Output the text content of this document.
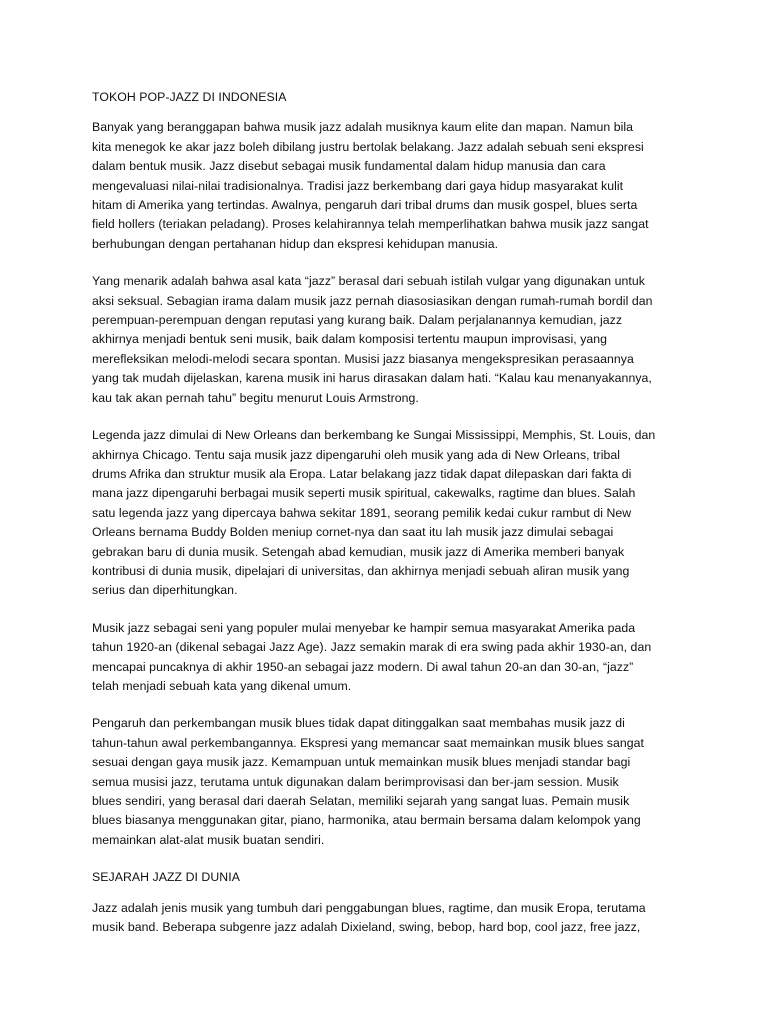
TOKOH POP-JAZZ DI INDONESIA
Banyak yang beranggapan bahwa musik jazz adalah musiknya kaum elite dan mapan. Namun bila
kita menegok ke akar jazz boleh dibilang justru bertolak belakang. Jazz adalah sebuah seni ekspresi
dalam bentuk musik. Jazz disebut sebagai musik fundamental dalam hidup manusia dan cara
mengevaluasi nilai-nilai tradisionalnya. Tradisi jazz berkembang dari gaya hidup masyarakat kulit
hitam di Amerika yang tertindas. Awalnya, pengaruh dari tribal drums dan musik gospel, blues serta
field hollers (teriakan peladang). Proses kelahirannya telah memperlihatkan bahwa musik jazz sangat
berhubungan dengan pertahanan hidup dan ekspresi kehidupan manusia.
Yang menarik adalah bahwa asal kata “jazz” berasal dari sebuah istilah vulgar yang digunakan untuk
aksi seksual. Sebagian irama dalam musik jazz pernah diasosiasikan dengan rumah-rumah bordil dan
perempuan-perempuan dengan reputasi yang kurang baik. Dalam perjalanannya kemudian, jazz
akhirnya menjadi bentuk seni musik, baik dalam komposisi tertentu maupun improvisasi, yang
merefleksikan melodi-melodi secara spontan. Musisi jazz biasanya mengekspresikan perasaannya
yang tak mudah dijelaskan, karena musik ini harus dirasakan dalam hati. “Kalau kau menanyakannya,
kau tak akan pernah tahu” begitu menurut Louis Armstrong.
Legenda jazz dimulai di New Orleans dan berkembang ke Sungai Mississippi, Memphis, St. Louis, dan
akhirnya Chicago. Tentu saja musik jazz dipengaruhi oleh musik yang ada di New Orleans, tribal
drums Afrika dan struktur musik ala Eropa. Latar belakang jazz tidak dapat dilepaskan dari fakta di
mana jazz dipengaruhi berbagai musik seperti musik spiritual, cakewalks, ragtime dan blues. Salah
satu legenda jazz yang dipercaya bahwa sekitar 1891, seorang pemilik kedai cukur rambut di New
Orleans bernama Buddy Bolden meniup cornet-nya dan saat itu lah musik jazz dimulai sebagai
gebrakan baru di dunia musik. Setengah abad kemudian, musik jazz di Amerika memberi banyak
kontribusi di dunia musik, dipelajari di universitas, dan akhirnya menjadi sebuah aliran musik yang
serius dan diperhitungkan.
Musik jazz sebagai seni yang populer mulai menyebar ke hampir semua masyarakat Amerika pada
tahun 1920-an (dikenal sebagai Jazz Age). Jazz semakin marak di era swing pada akhir 1930-an, dan
mencapai puncaknya di akhir 1950-an sebagai jazz modern. Di awal tahun 20-an dan 30-an, “jazz”
telah menjadi sebuah kata yang dikenal umum.
Pengaruh dan perkembangan musik blues tidak dapat ditinggalkan saat membahas musik jazz di
tahun-tahun awal perkembangannya. Ekspresi yang memancar saat memainkan musik blues sangat
sesuai dengan gaya musik jazz. Kemampuan untuk memainkan musik blues menjadi standar bagi
semua musisi jazz, terutama untuk digunakan dalam berimprovisasi dan ber-jam session. Musik
blues sendiri, yang berasal dari daerah Selatan, memiliki sejarah yang sangat luas. Pemain musik
blues biasanya menggunakan gitar, piano, harmonika, atau bermain bersama dalam kelompok yang
memainkan alat-alat musik buatan sendiri.
SEJARAH JAZZ DI DUNIA
Jazz adalah jenis musik yang tumbuh dari penggabungan blues, ragtime, dan musik Eropa, terutama
musik band. Beberapa subgenre jazz adalah Dixieland, swing, bebop, hard bop, cool jazz, free jazz,
